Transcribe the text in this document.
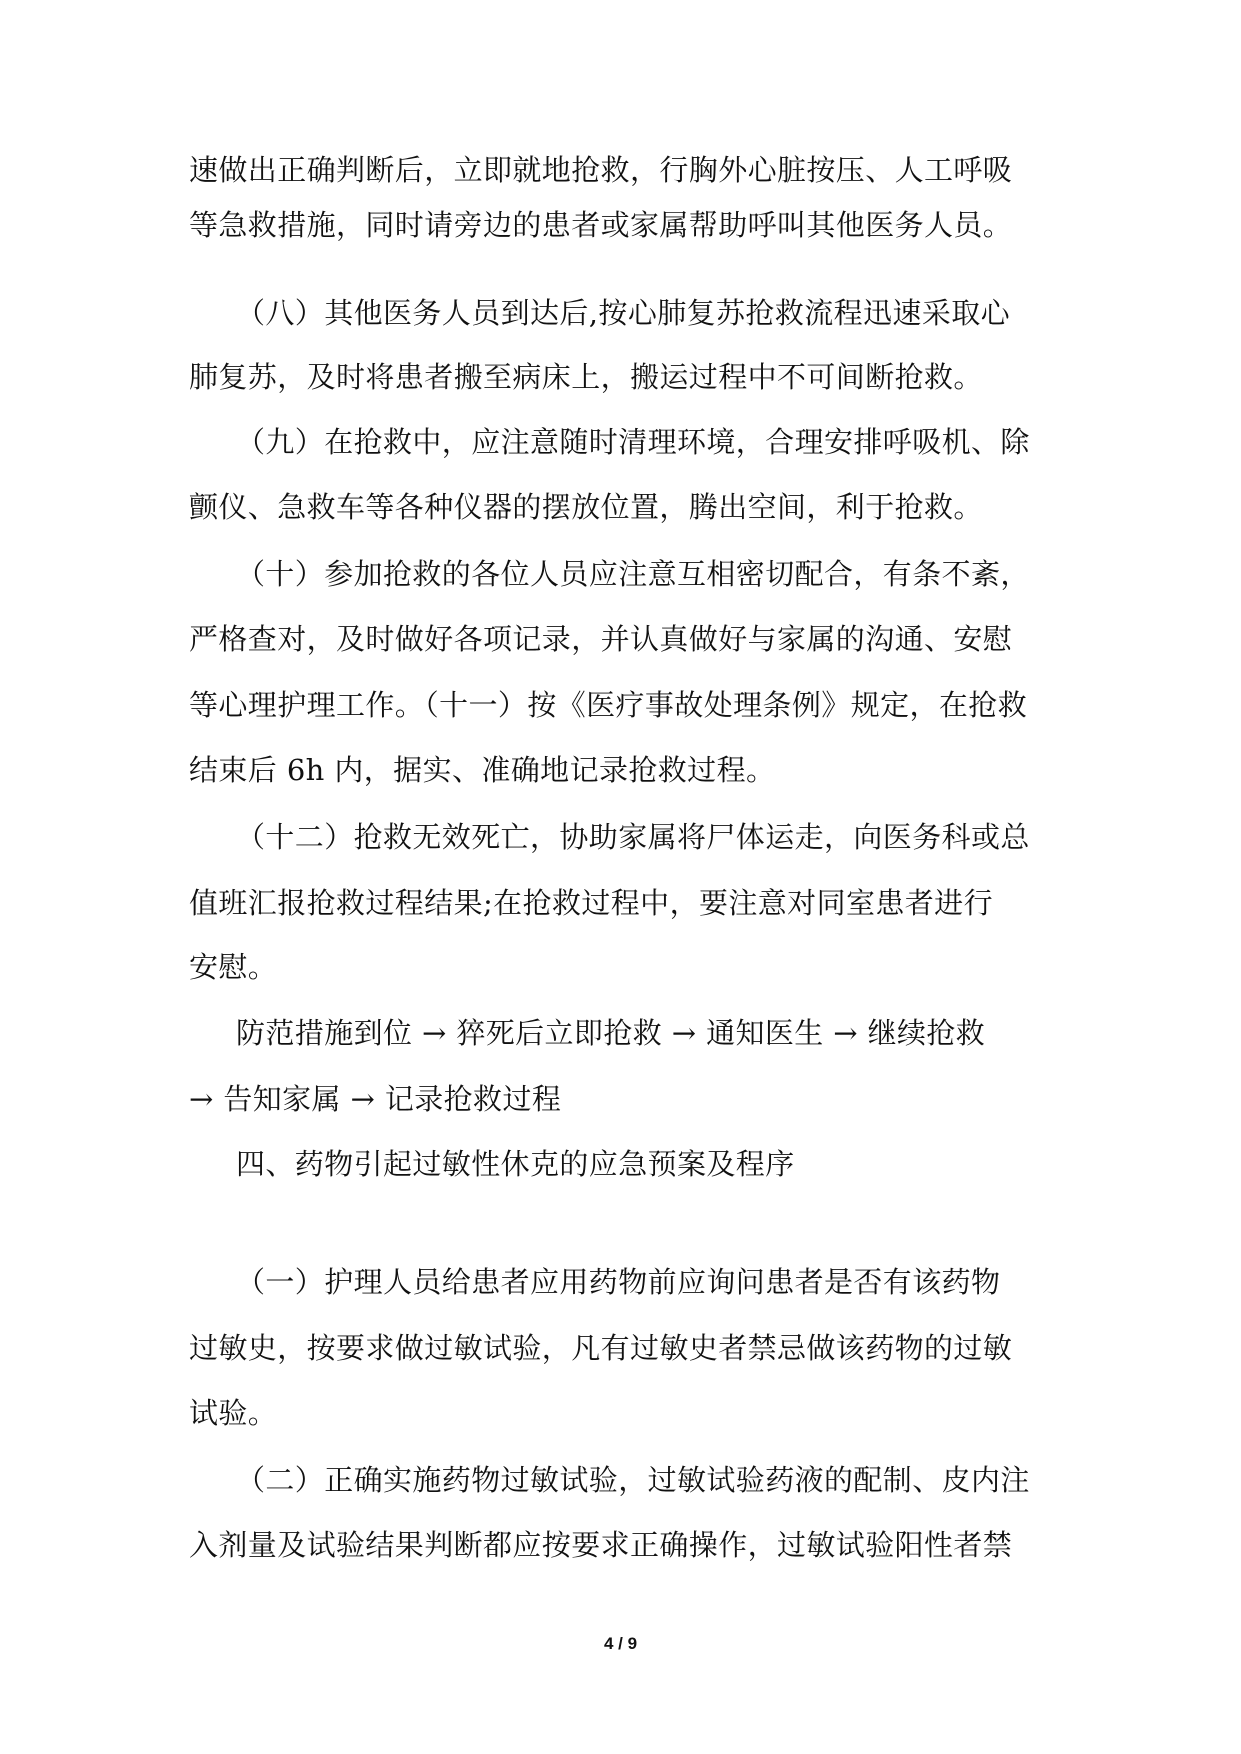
速做出正确判断后，立即就地抢救，行胸外心脏按压、人工呼吸
等急救措施，同时请旁边的患者或家属帮助呼叫其他医务人员。
（八）其他医务人员到达后,按心肺复苏抢救流程迅速采取心
肺复苏，及时将患者搬至病床上，搬运过程中不可间断抢救。
（九）在抢救中，应注意随时清理环境，合理安排呼吸机、除
颤仪、急救车等各种仪器的摆放位置，腾出空间，利于抢救。
（十）参加抢救的各位人员应注意互相密切配合，有条不紊，
严格查对，及时做好各项记录，并认真做好与家属的沟通、安慰
等心理护理工作。（十一）按《医疗事故处理条例》规定，在抢救
结束后 6h 内，据实、准确地记录抢救过程。
（十二）抢救无效死亡，协助家属将尸体运走，向医务科或总
值班汇报抢救过程结果;在抢救过程中，要注意对同室患者进行
安慰。
防范措施到位 → 猝死后立即抢救 → 通知医生 → 继续抢救
→ 告知家属 → 记录抢救过程
四、药物引起过敏性休克的应急预案及程序
（一）护理人员给患者应用药物前应询问患者是否有该药物
过敏史，按要求做过敏试验，凡有过敏史者禁忌做该药物的过敏
试验。
（二）正确实施药物过敏试验，过敏试验药液的配制、皮内注
入剂量及试验结果判断都应按要求正确操作，过敏试验阳性者禁
4 / 9
